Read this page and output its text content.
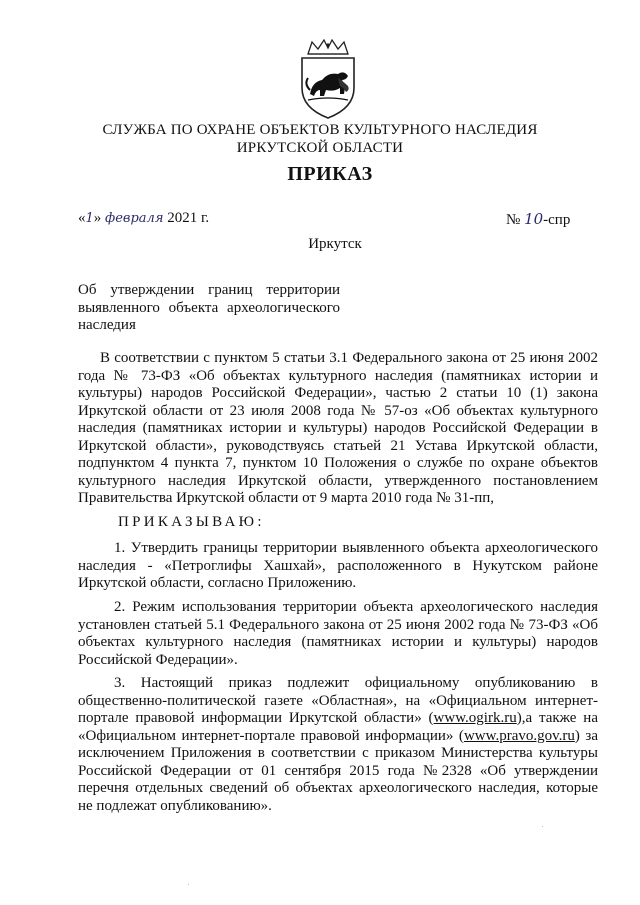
СЛУЖБА ПО ОХРАНЕ ОБЪЕКТОВ КУЛЬТУРНОГО НАСЛЕДИЯ
ИРКУТСКОЙ ОБЛАСТИ
ПРИКАЗ
«1» февраля 2021 г.	№ 10-спр
Иркутск
Об утверждении границ территории выявленного объекта археологического наследия
В соответствии с пунктом 5 статьи 3.1 Федерального закона от 25 июня 2002 года № 73-ФЗ «Об объектах культурного наследия (памятниках истории и культуры) народов Российской Федерации», частью 2 статьи 10 (1) закона Иркутской области от 23 июля 2008 года № 57-оз «Об объектах культурного наследия (памятниках истории и культуры) народов Российской Федерации в Иркутской области», руководствуясь статьей 21 Устава Иркутской области, подпунктом 4 пункта 7, пунктом 10 Положения о службе по охране объектов культурного наследия Иркутской области, утвержденного постановлением Правительства Иркутской области от 9 марта 2010 года № 31-пп,
ПРИКАЗЫВАЮ:
1. Утвердить границы территории выявленного объекта археологического наследия - «Петроглифы Хашхай», расположенного в Нукутском районе Иркутской области, согласно Приложению.
2. Режим использования территории объекта археологического наследия установлен статьей 5.1 Федерального закона от 25 июня 2002 года № 73-ФЗ «Об объектах культурного наследия (памятниках истории и культуры) народов Российской Федерации».
3. Настоящий приказ подлежит официальному опубликованию в общественно-политической газете «Областная», на «Официальном интернет-портале правовой информации Иркутской области» (www.ogirk.ru),а также на «Официальном интернет-портале правовой информации» (www.pravo.gov.ru) за исключением Приложения в соответствии с приказом Министерства культуры Российской Федерации от 01 сентября 2015 года №2328 «Об утверждении перечня отдельных сведений об объектах археологического наследия, которые не подлежат опубликованию».
